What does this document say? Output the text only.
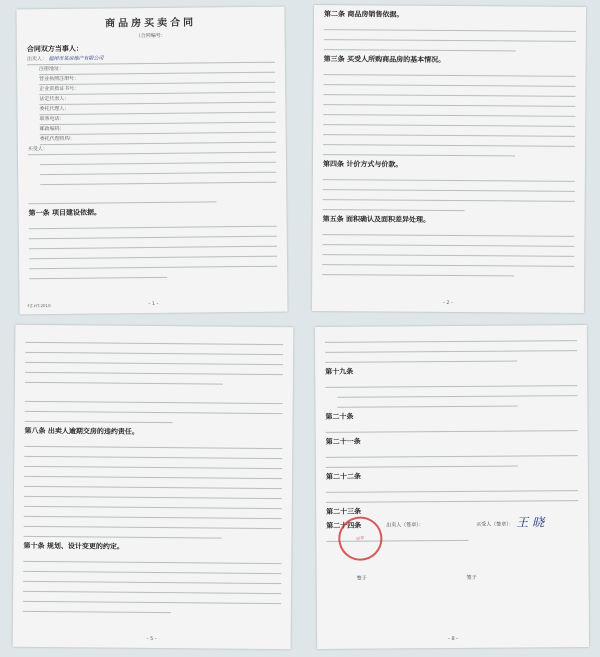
商品房买卖合同
（合同编号：
合同双方当事人：
出卖人： 福州市某房地产有限公司
注册地址：
营业执照注册号：
企业资质证书号：
法定代表人：
委托代理人：
联系电话：
邮政编码：
委托代理机构：
买受人：
第一条 项目建设依据。
FZ-HT-2010	- 1 -
第二条 商品房销售依据。
第三条 买受人所购商品房的基本情况。
第四条 计价方式与价款。
第五条 面积确认及面积差异处理。
- 2 -
第八条 出卖人逾期交房的违约责任。
第十条 规划、设计变更的约定。
- 5 -
第十九条
第二十条
第二十一条
第二十二条
第二十三条
第二十四条
印章
出卖人（签章）：	买受人（签章）： 王 晓
签于	签于
- 8 -
